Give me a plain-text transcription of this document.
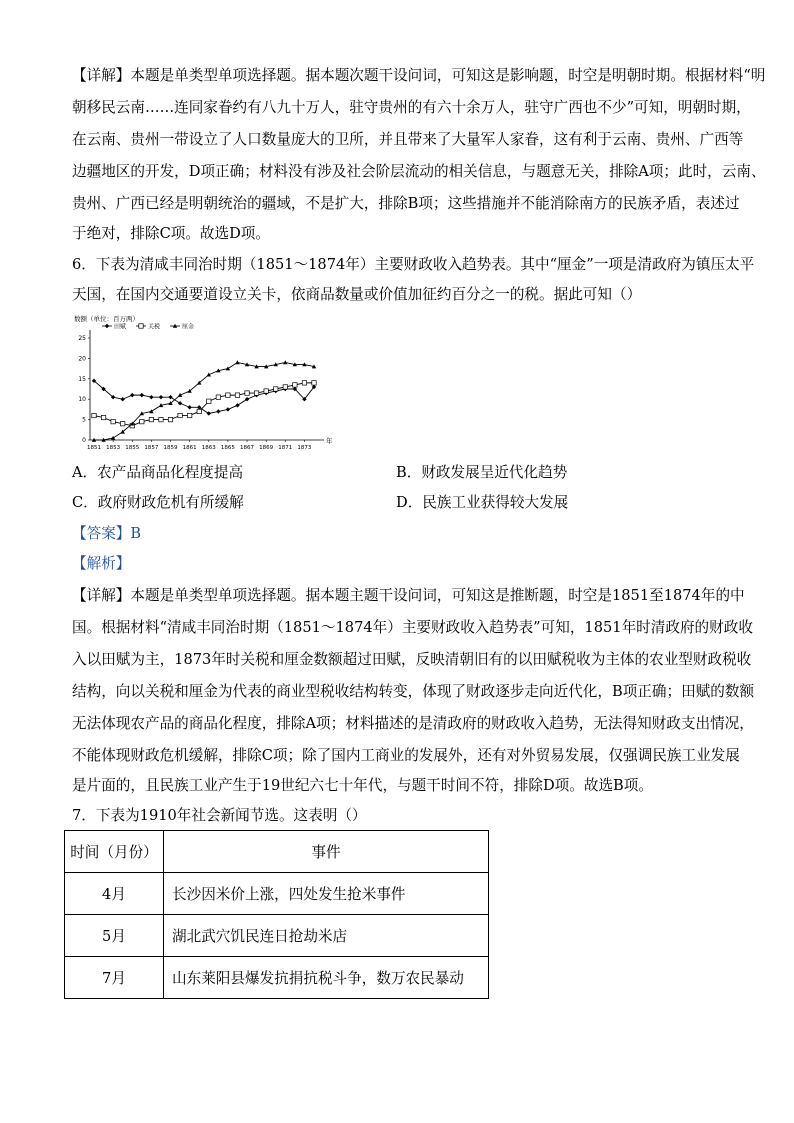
【详解】本题是单类型单项选择题。据本题次题干设问词，可知这是影响题，时空是明朝时期。根据材料“明
朝移民云南……连同家眷约有八九十万人，驻守贵州的有六十余万人，驻守广西也不少”可知，明朝时期，
在云南、贵州一带设立了人口数量庞大的卫所，并且带来了大量军人家眷，这有利于云南、贵州、广西等
边疆地区的开发，D项正确；材料没有涉及社会阶层流动的相关信息，与题意无关，排除A项；此时，云南、
贵州、广西已经是明朝统治的疆域，不是扩大，排除B项；这些措施并不能消除南方的民族矛盾，表述过
于绝对，排除C项。故选D项。
6．下表为清咸丰同治时期（1851～1874年）主要财政收入趋势表。其中“厘金”一项是清政府为镇压太平
天国，在国内交通要道设立关卡，依商品数量或价值加征约百分之一的税。据此可知（）
数额（单位：百万两）
田赋	关税	厘金
0
5
10
15
20
25
1851 1853 1855 1857 1859 1861 1863 1865 1867 1869 1871 1873
年
A．农产品商品化程度提高	B．财政发展呈近代化趋势
C．政府财政危机有所缓解	D．民族工业获得较大发展
【答案】B
【解析】
【详解】本题是单类型单项选择题。据本题主题干设问词，可知这是推断题，时空是1851至1874年的中
国。根据材料“清咸丰同治时期（1851～1874年）主要财政收入趋势表”可知，1851年时清政府的财政收
入以田赋为主，1873年时关税和厘金数额超过田赋，反映清朝旧有的以田赋税收为主体的农业型财政税收
结构，向以关税和厘金为代表的商业型税收结构转变，体现了财政逐步走向近代化，B项正确；田赋的数额
无法体现农产品的商品化程度，排除A项；材料描述的是清政府的财政收入趋势，无法得知财政支出情况，
不能体现财政危机缓解，排除C项；除了国内工商业的发展外，还有对外贸易发展，仅强调民族工业发展
是片面的，且民族工业产生于19世纪六七十年代，与题干时间不符，排除D项。故选B项。
7．下表为1910年社会新闻节选。这表明（）
时间（月份）	事件
4月	长沙因米价上涨，四处发生抢米事件
5月	湖北武穴饥民连日抢劫米店
7月	山东莱阳县爆发抗捐抗税斗争，数万农民暴动
